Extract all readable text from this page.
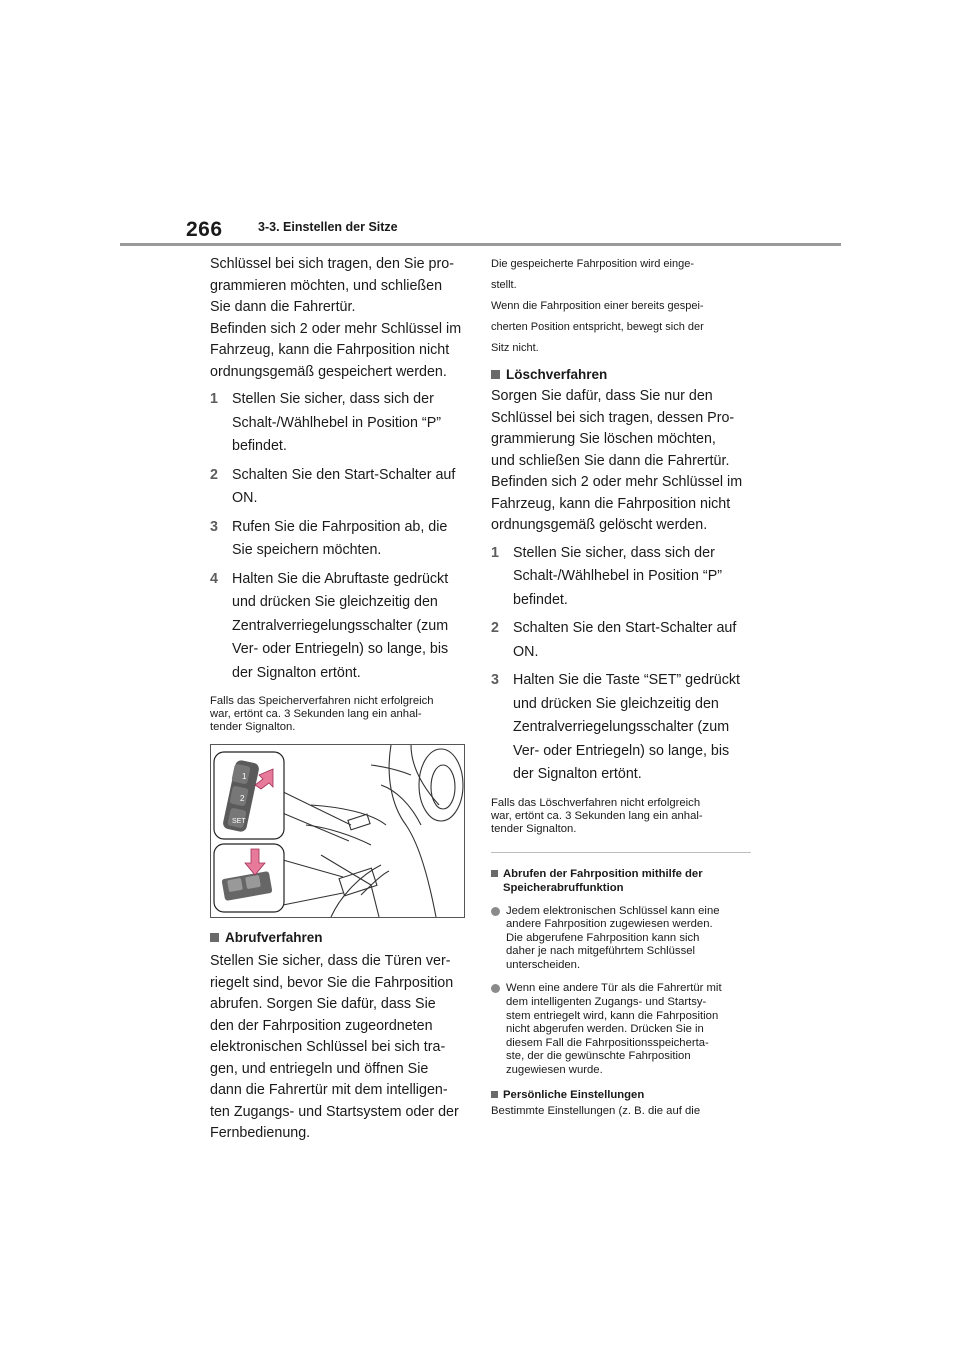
266	3-3. Einstellen der Sitze

Schlüssel bei sich tragen, den Sie pro-
grammieren möchten, und schließen
Sie dann die Fahrertür.
Befinden sich 2 oder mehr Schlüssel im
Fahrzeug, kann die Fahrposition nicht
ordnungsgemäß gespeichert werden.

1 Stellen Sie sicher, dass sich der
Schalt-/Wählhebel in Position “P”
befindet.
2 Schalten Sie den Start-Schalter auf
ON.
3 Rufen Sie die Fahrposition ab, die
Sie speichern möchten.
4 Halten Sie die Abruftaste gedrückt
und drücken Sie gleichzeitig den
Zentralverriegelungsschalter (zum
Ver- oder Entriegeln) so lange, bis
der Signalton ertönt.

Falls das Speicherverfahren nicht erfolgreich
war, ertönt ca. 3 Sekunden lang ein anhal-
tender Signalton.

1
2
SET
Abrufverfahren

Stellen Sie sicher, dass die Türen ver-
riegelt sind, bevor Sie die Fahrposition
abrufen. Sorgen Sie dafür, dass Sie
den der Fahrposition zugeordneten
elektronischen Schlüssel bei sich tra-
gen, und entriegeln und öffnen Sie
dann die Fahrertür mit dem intelligen-
ten Zugangs- und Startsystem oder der
Fernbedienung.

Die gespeicherte Fahrposition wird einge-
stellt.
Wenn die Fahrposition einer bereits gespei-
cherten Position entspricht, bewegt sich der
Sitz nicht.

Löschverfahren

Sorgen Sie dafür, dass Sie nur den
Schlüssel bei sich tragen, dessen Pro-
grammierung Sie löschen möchten,
und schließen Sie dann die Fahrertür.
Befinden sich 2 oder mehr Schlüssel im
Fahrzeug, kann die Fahrposition nicht
ordnungsgemäß gelöscht werden.

1 Stellen Sie sicher, dass sich der
Schalt-/Wählhebel in Position “P”
befindet.
2 Schalten Sie den Start-Schalter auf
ON.
3 Halten Sie die Taste “SET” gedrückt
und drücken Sie gleichzeitig den
Zentralverriegelungsschalter (zum
Ver- oder Entriegeln) so lange, bis
der Signalton ertönt.

Falls das Löschverfahren nicht erfolgreich
war, ertönt ca. 3 Sekunden lang ein anhal-
tender Signalton.

Abrufen der Fahrposition mithilfe der
Speicherabruffunktion
Jedem elektronischen Schlüssel kann eine
andere Fahrposition zugewiesen werden.
Die abgerufene Fahrposition kann sich
daher je nach mitgeführtem Schlüssel
unterscheiden.
Wenn eine andere Tür als die Fahrertür mit
dem intelligenten Zugangs- und Startsy-
stem entriegelt wird, kann die Fahrposition
nicht abgerufen werden. Drücken Sie in
diesem Fall die Fahrpositionsspeicherta-
ste, der die gewünschte Fahrposition
zugewiesen wurde.
Persönliche Einstellungen

Bestimmte Einstellungen (z. B. die auf die
